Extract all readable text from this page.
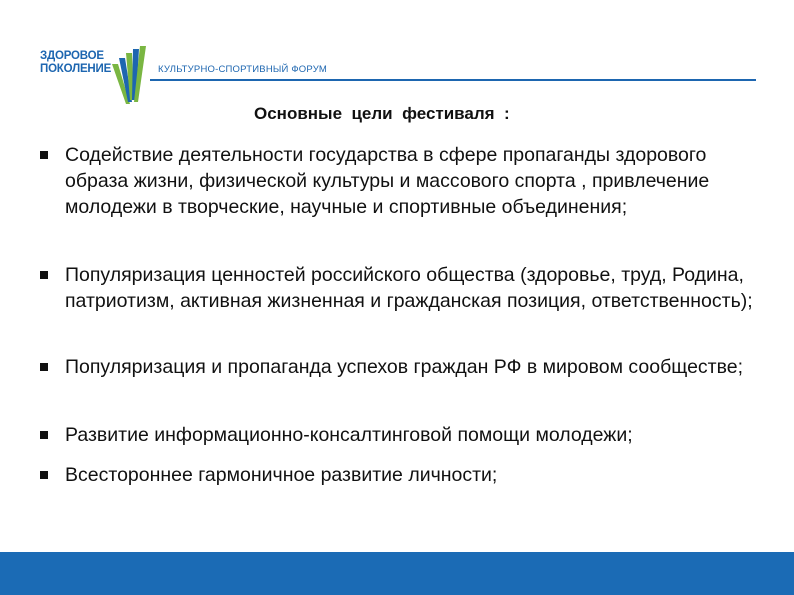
ЗДОРОВОЕ
ПОКОЛЕНИЕ	КУЛЬТУРНО-СПОРТИВНЫЙ ФОРУМ
Основные  цели  фестиваля  :
Содействие деятельности государства в сфере пропаганды здорового образа жизни, физической культуры и массового спорта , привлечение молодежи в творческие, научные и спортивные объединения;
Популяризация ценностей российского общества (здоровье, труд, Родина, патриотизм, активная жизненная и гражданская позиция, ответственность);
Популяризация и пропаганда успехов граждан РФ в мировом сообществе;
Развитие информационно-консалтинговой помощи молодежи;
Всестороннее гармоничное развитие личности;
